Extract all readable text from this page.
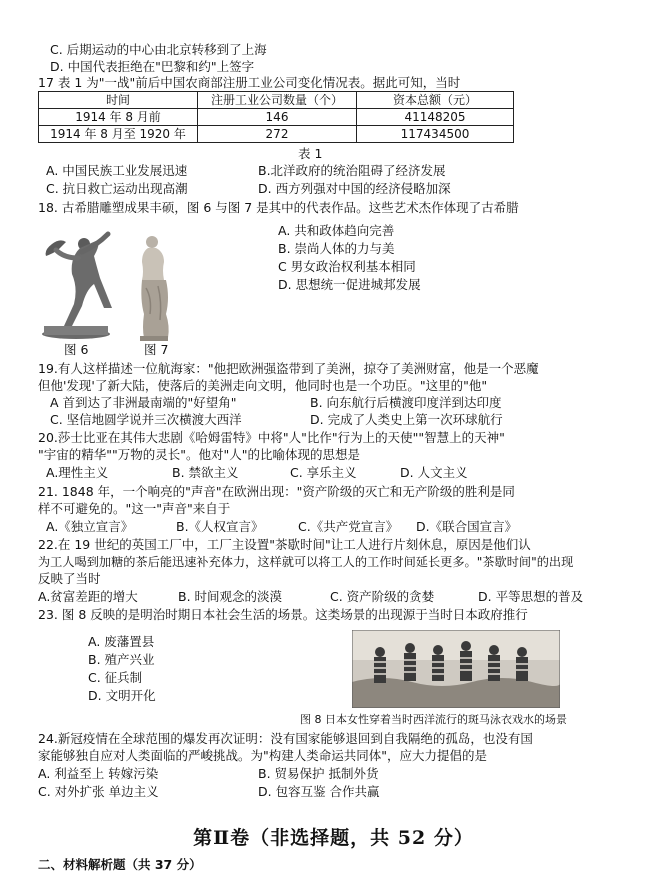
C. 后期运动的中心由北京转移到了上海
D. 中国代表拒绝在"巴黎和约"上签字
17 表 1 为"一战"前后中国农商部注册工业公司变化情况表。据此可知，当时
时间	注册工业公司数量（个）	资本总额（元）
1914 年 8 月前	146	41148205
1914 年 8 月至 1920 年	272	117434500
表 1
A. 中国民族工业发展迅速	B.北洋政府的统治阻碍了经济发展
C. 抗日救亡运动出现高潮	D. 西方列强对中国的经济侵略加深
18. 古希腊雕塑成果丰硕，图 6 与图 7 是其中的代表作品。这些艺术杰作体现了古希腊
A. 共和政体趋向完善
B. 崇尚人体的力与美
C 男女政治权利基本相同
D. 思想统一促进城邦发展
图 6	图 7
19.有人这样描述一位航海家："他把欧洲强盗带到了美洲，掠夺了美洲财富，他是一个恶魔
但他'发现'了新大陆，使落后的美洲走向文明，他同时也是一个功臣。"这里的"他"
A 首到达了非洲最南端的"好望角"	B. 向东航行后横渡印度洋到达印度
C. 坚信地圆学说并三次横渡大西洋	D. 完成了人类史上第一次环球航行
20.莎士比亚在其伟大悲剧《哈姆雷特》中将"人"比作"行为上的天使""智慧上的天神"
"宇宙的精华""万物的灵长"。他对"人"的比喻体现的思想是
A.理性主义	B. 禁欲主义	C. 享乐主义	D. 人文主义
21. 1848 年，一个响亮的"声音"在欧洲出现："资产阶级的灭亡和无产阶级的胜利是同
样不可避免的。"这一"声音"来自于
A.《独立宣言》	B.《人权宣言》	C.《共产党宣言》 D.《联合国宣言》
22.在 19 世纪的英国工厂中，工厂主设置"茶歇时间"让工人进行片刻休息，原因是他们认
为工人喝到加糖的茶后能迅速补充体力，这样就可以将工人的工作时间延长更多。"茶歇时间"的出现
反映了当时
A.贫富差距的增大	B. 时间观念的淡漠	C. 资产阶级的贪婪	D. 平等思想的普及
23. 图 8 反映的是明治时期日本社会生活的场景。这类场景的出现源于当时日本政府推行
A. 废藩置县
B. 殖产兴业
C. 征兵制
D. 文明开化
图 8 日本女性穿着当时西洋流行的斑马泳衣戏水的场景
24.新冠疫情在全球范围的爆发再次证明：没有国家能够退回到自我隔绝的孤岛，也没有国
家能够独自应对人类面临的严峻挑战。为"构建人类命运共同体"，应大力提倡的是
A. 利益至上 转嫁污染	B. 贸易保护 抵制外货
C. 对外扩张 单边主义	D. 包容互鉴 合作共赢
第Ⅱ卷（非选择题，共 52 分）
二、材料解析题（共 37 分）
